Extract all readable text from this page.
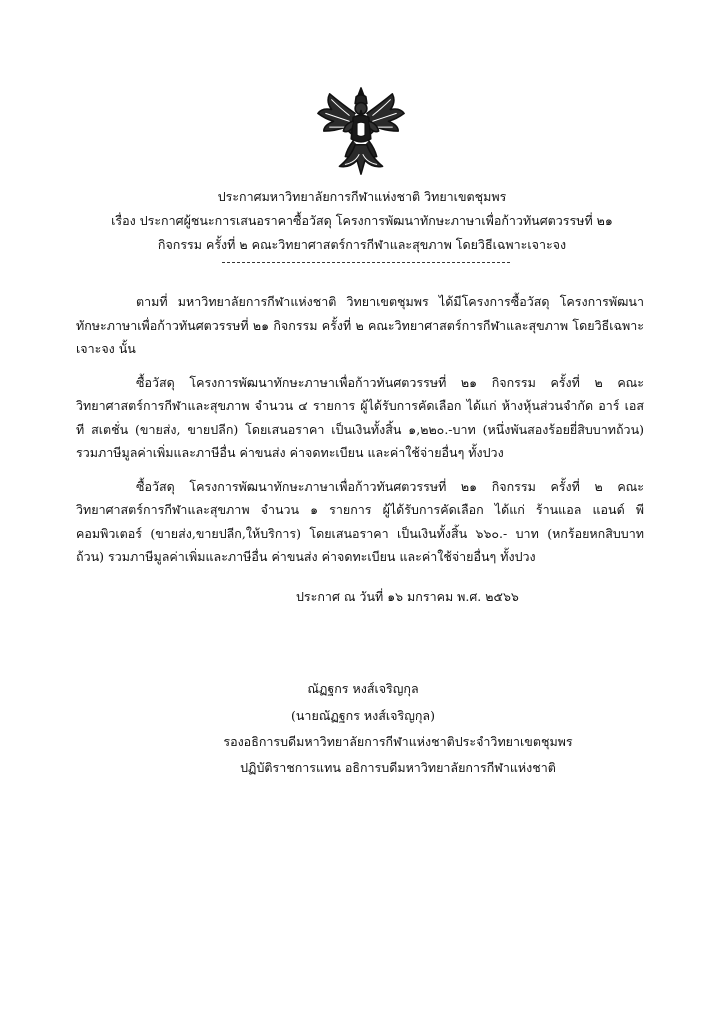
ประกาศมหาวิทยาลัยการกีฬาแห่งชาติ วิทยาเขตชุมพร
เรื่อง ประกาศผู้ชนะการเสนอราคาซื้อวัสดุ โครงการพัฒนาทักษะภาษาเพื่อก้าวทันศตวรรษที่ ๒๑
กิจกรรม ครั้งที่ ๒ คณะวิทยาศาสตร์การกีฬาและสุขภาพ โดยวิธีเฉพาะเจาะจง

ตามที่ มหาวิทยาลัยการกีฬาแห่งชาติ วิทยาเขตชุมพร ได้มีโครงการซื้อวัสดุ โครงการพัฒนาทักษะภาษาเพื่อก้าวทันศตวรรษที่ ๒๑ กิจกรรม ครั้งที่ ๒ คณะวิทยาศาสตร์การกีฬาและสุขภาพ โดยวิธีเฉพาะเจาะจง นั้น

ซื้อวัสดุ โครงการพัฒนาทักษะภาษาเพื่อก้าวทันศตวรรษที่ ๒๑ กิจกรรม ครั้งที่ ๒ คณะวิทยาศาสตร์การกีฬาและสุขภาพ จำนวน ๔ รายการ ผู้ได้รับการคัดเลือก ได้แก่ ห้างหุ้นส่วนจำกัด อาร์ เอส ที สเตชั่น (ขายส่ง, ขายปลีก) โดยเสนอราคา เป็นเงินทั้งสิ้น ๑,๒๒๐.-บาท (หนึ่งพันสองร้อยยี่สิบบาทถ้วน) รวมภาษีมูลค่าเพิ่มและภาษีอื่น ค่าขนส่ง ค่าจดทะเบียน และค่าใช้จ่ายอื่นๆ ทั้งปวง

ซื้อวัสดุ โครงการพัฒนาทักษะภาษาเพื่อก้าวทันศตวรรษที่ ๒๑ กิจกรรม ครั้งที่ ๒ คณะวิทยาศาสตร์การกีฬาและสุขภาพ จำนวน ๑ รายการ ผู้ได้รับการคัดเลือก ได้แก่ ร้านแอล แอนด์ พี คอมพิวเตอร์ (ขายส่ง,ขายปลีก,ให้บริการ) โดยเสนอราคา เป็นเงินทั้งสิ้น ๖๖๐.- บาท (หกร้อยหกสิบบาทถ้วน) รวมภาษีมูลค่าเพิ่มและภาษีอื่น ค่าขนส่ง ค่าจดทะเบียน และค่าใช้จ่ายอื่นๆ ทั้งปวง

ประกาศ ณ วันที่ ๑๖ มกราคม พ.ศ. ๒๕๖๖
ณัฏฐกร หงส์เจริญกุล
(นายณัฏฐกร หงส์เจริญกุล)
รองอธิการบดีมหาวิทยาลัยการกีฬาแห่งชาติประจำวิทยาเขตชุมพร
ปฏิบัติราชการแทน อธิการบดีมหาวิทยาลัยการกีฬาแห่งชาติ
